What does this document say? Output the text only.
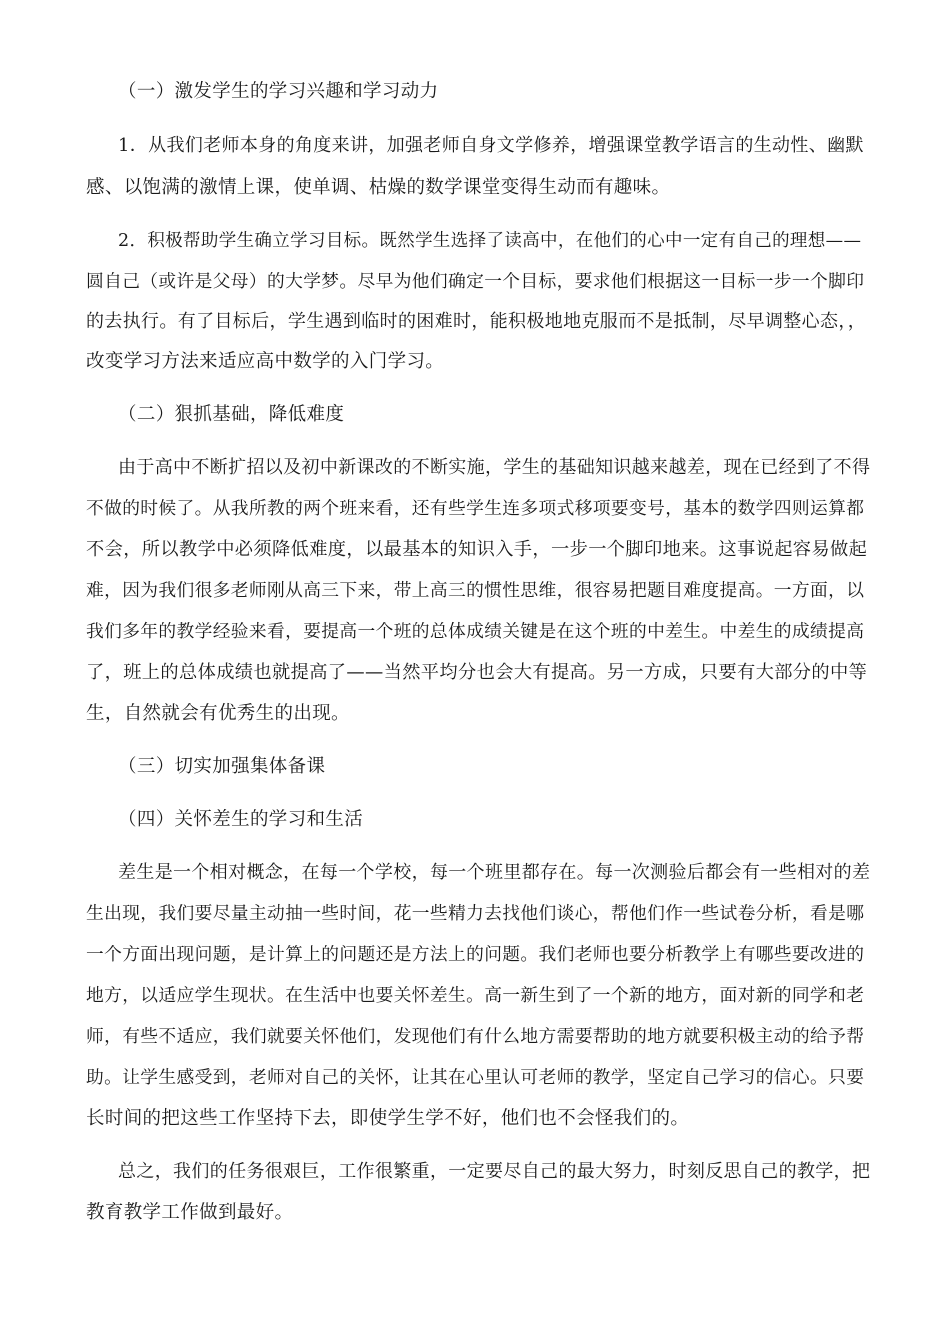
（一）激发学生的学习兴趣和学习动力
1．从我们老师本身的角度来讲，加强老师自身文学修养，增强课堂教学语言的生动性、幽默
感、以饱满的激情上课，使单调、枯燥的数学课堂变得生动而有趣味。
2．积极帮助学生确立学习目标。既然学生选择了读高中，在他们的心中一定有自己的理想——
圆自己（或许是父母）的大学梦。尽早为他们确定一个目标，要求他们根据这一目标一步一个脚印
的去执行。有了目标后，学生遇到临时的困难时，能积极地地克服而不是抵制，尽早调整心态，，
改变学习方法来适应高中数学的入门学习。
（二）狠抓基础，降低难度
由于高中不断扩招以及初中新课改的不断实施，学生的基础知识越来越差，现在已经到了不得
不做的时候了。从我所教的两个班来看，还有些学生连多项式移项要变号，基本的数学四则运算都
不会，所以教学中必须降低难度，以最基本的知识入手，一步一个脚印地来。这事说起容易做起
难，因为我们很多老师刚从高三下来，带上高三的惯性思维，很容易把题目难度提高。一方面，以
我们多年的教学经验来看，要提高一个班的总体成绩关键是在这个班的中差生。中差生的成绩提高
了，班上的总体成绩也就提高了——当然平均分也会大有提高。另一方成，只要有大部分的中等
生，自然就会有优秀生的出现。
（三）切实加强集体备课
（四）关怀差生的学习和生活
差生是一个相对概念，在每一个学校，每一个班里都存在。每一次测验后都会有一些相对的差
生出现，我们要尽量主动抽一些时间，花一些精力去找他们谈心，帮他们作一些试卷分析，看是哪
一个方面出现问题，是计算上的问题还是方法上的问题。我们老师也要分析教学上有哪些要改进的
地方，以适应学生现状。在生活中也要关怀差生。高一新生到了一个新的地方，面对新的同学和老
师，有些不适应，我们就要关怀他们，发现他们有什么地方需要帮助的地方就要积极主动的给予帮
助。让学生感受到，老师对自己的关怀，让其在心里认可老师的教学，坚定自己学习的信心。只要
长时间的把这些工作坚持下去，即使学生学不好，他们也不会怪我们的。
总之，我们的任务很艰巨，工作很繁重，一定要尽自己的最大努力，时刻反思自己的教学，把
教育教学工作做到最好。
